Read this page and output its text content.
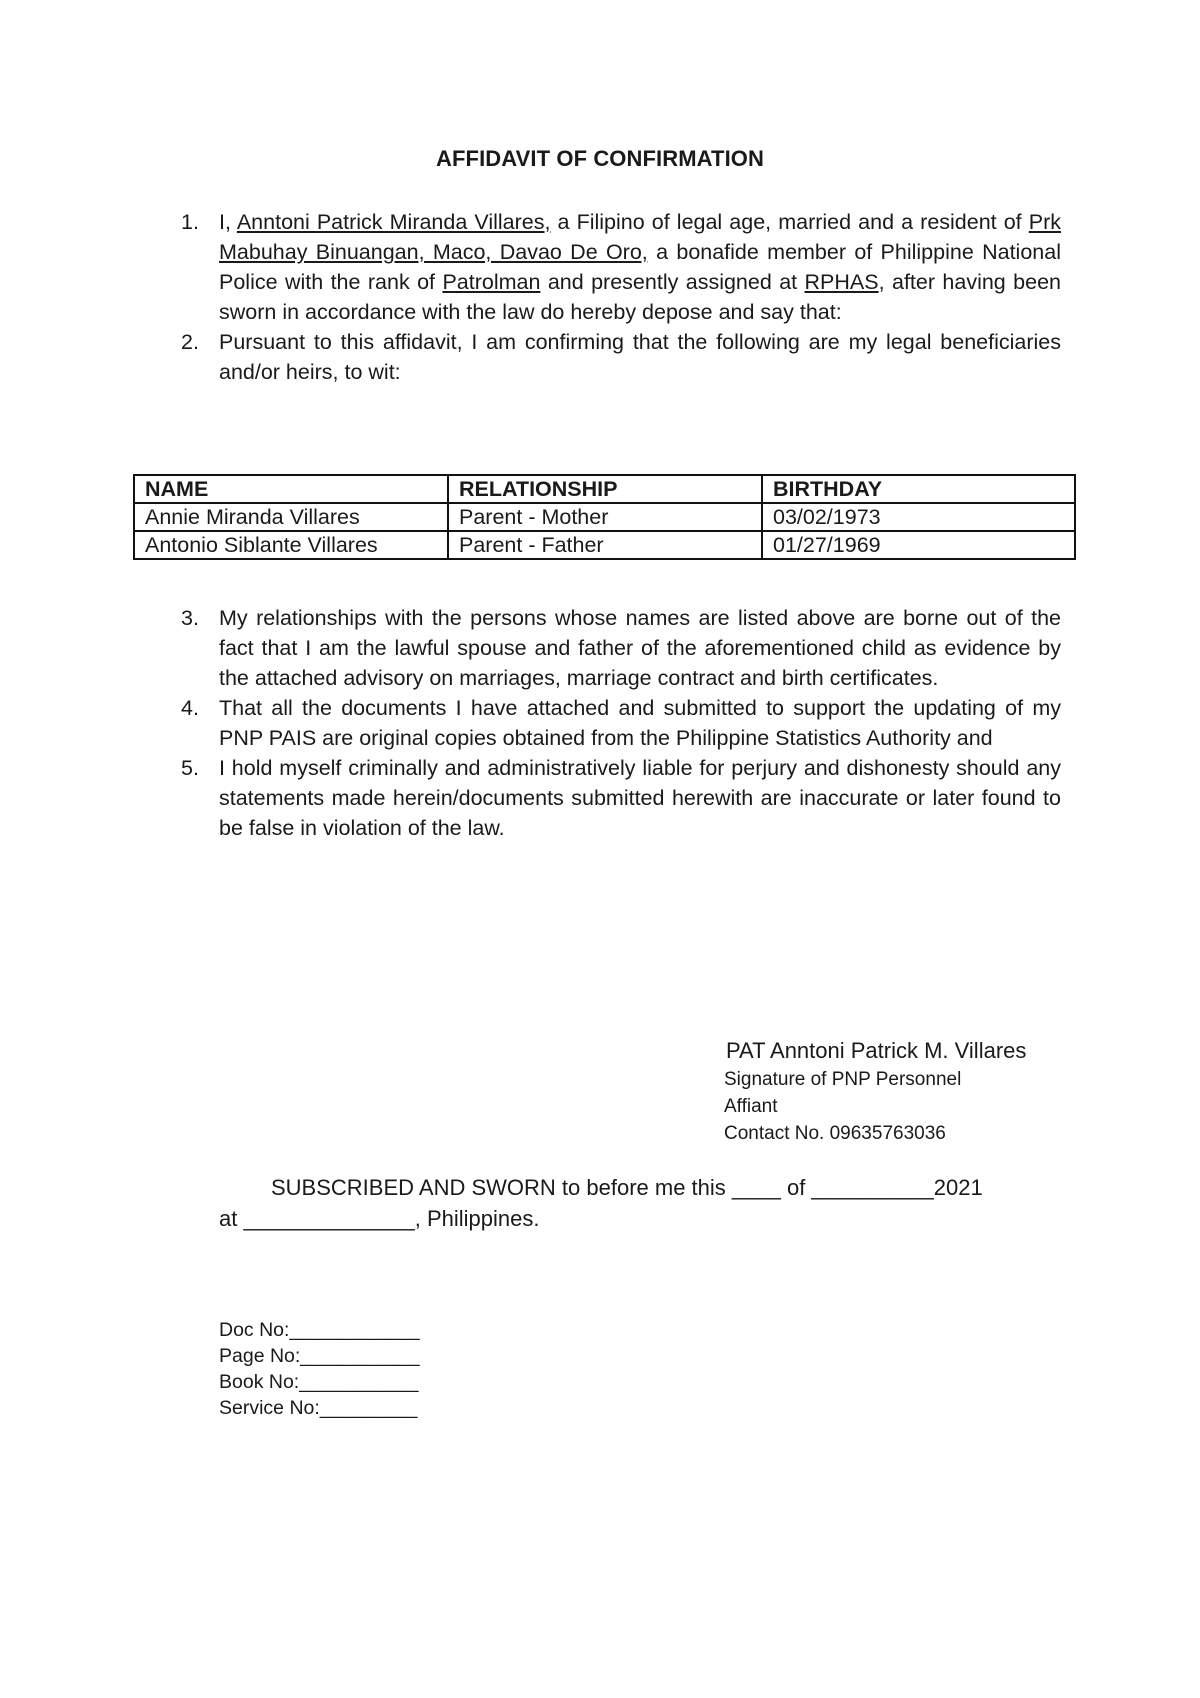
AFFIDAVIT OF CONFIRMATION
1. I, Anntoni Patrick Miranda Villares, a Filipino of legal age, married and a resident of Prk Mabuhay Binuangan, Maco, Davao De Oro, a bonafide member of Philippine National Police with the rank of Patrolman and presently assigned at RPHAS, after having been sworn in accordance with the law do hereby depose and say that:
2. Pursuant to this affidavit, I am confirming that the following are my legal beneficiaries and/or heirs, to wit:
NAME	RELATIONSHIP	BIRTHDAY
Annie Miranda Villares	Parent - Mother	03/02/1973
Antonio Siblante Villares	Parent - Father	01/27/1969
3. My relationships with the persons whose names are listed above are borne out of the fact that I am the lawful spouse and father of the aforementioned child as evidence by the attached advisory on marriages, marriage contract and birth certificates.
4. That all the documents I have attached and submitted to support the updating of my PNP PAIS are original copies obtained from the Philippine Statistics Authority and
5. I hold myself criminally and administratively liable for perjury and dishonesty should any statements made herein/documents submitted herewith are inaccurate or later found to be false in violation of the law.
PAT Anntoni Patrick M. Villares
Signature of PNP Personnel
Affiant
Contact No. 09635763036
SUBSCRIBED AND SWORN to before me this ____ of __________2021
at ______________, Philippines.
Doc No:____________
Page No:___________
Book No:___________
Service No:_________
